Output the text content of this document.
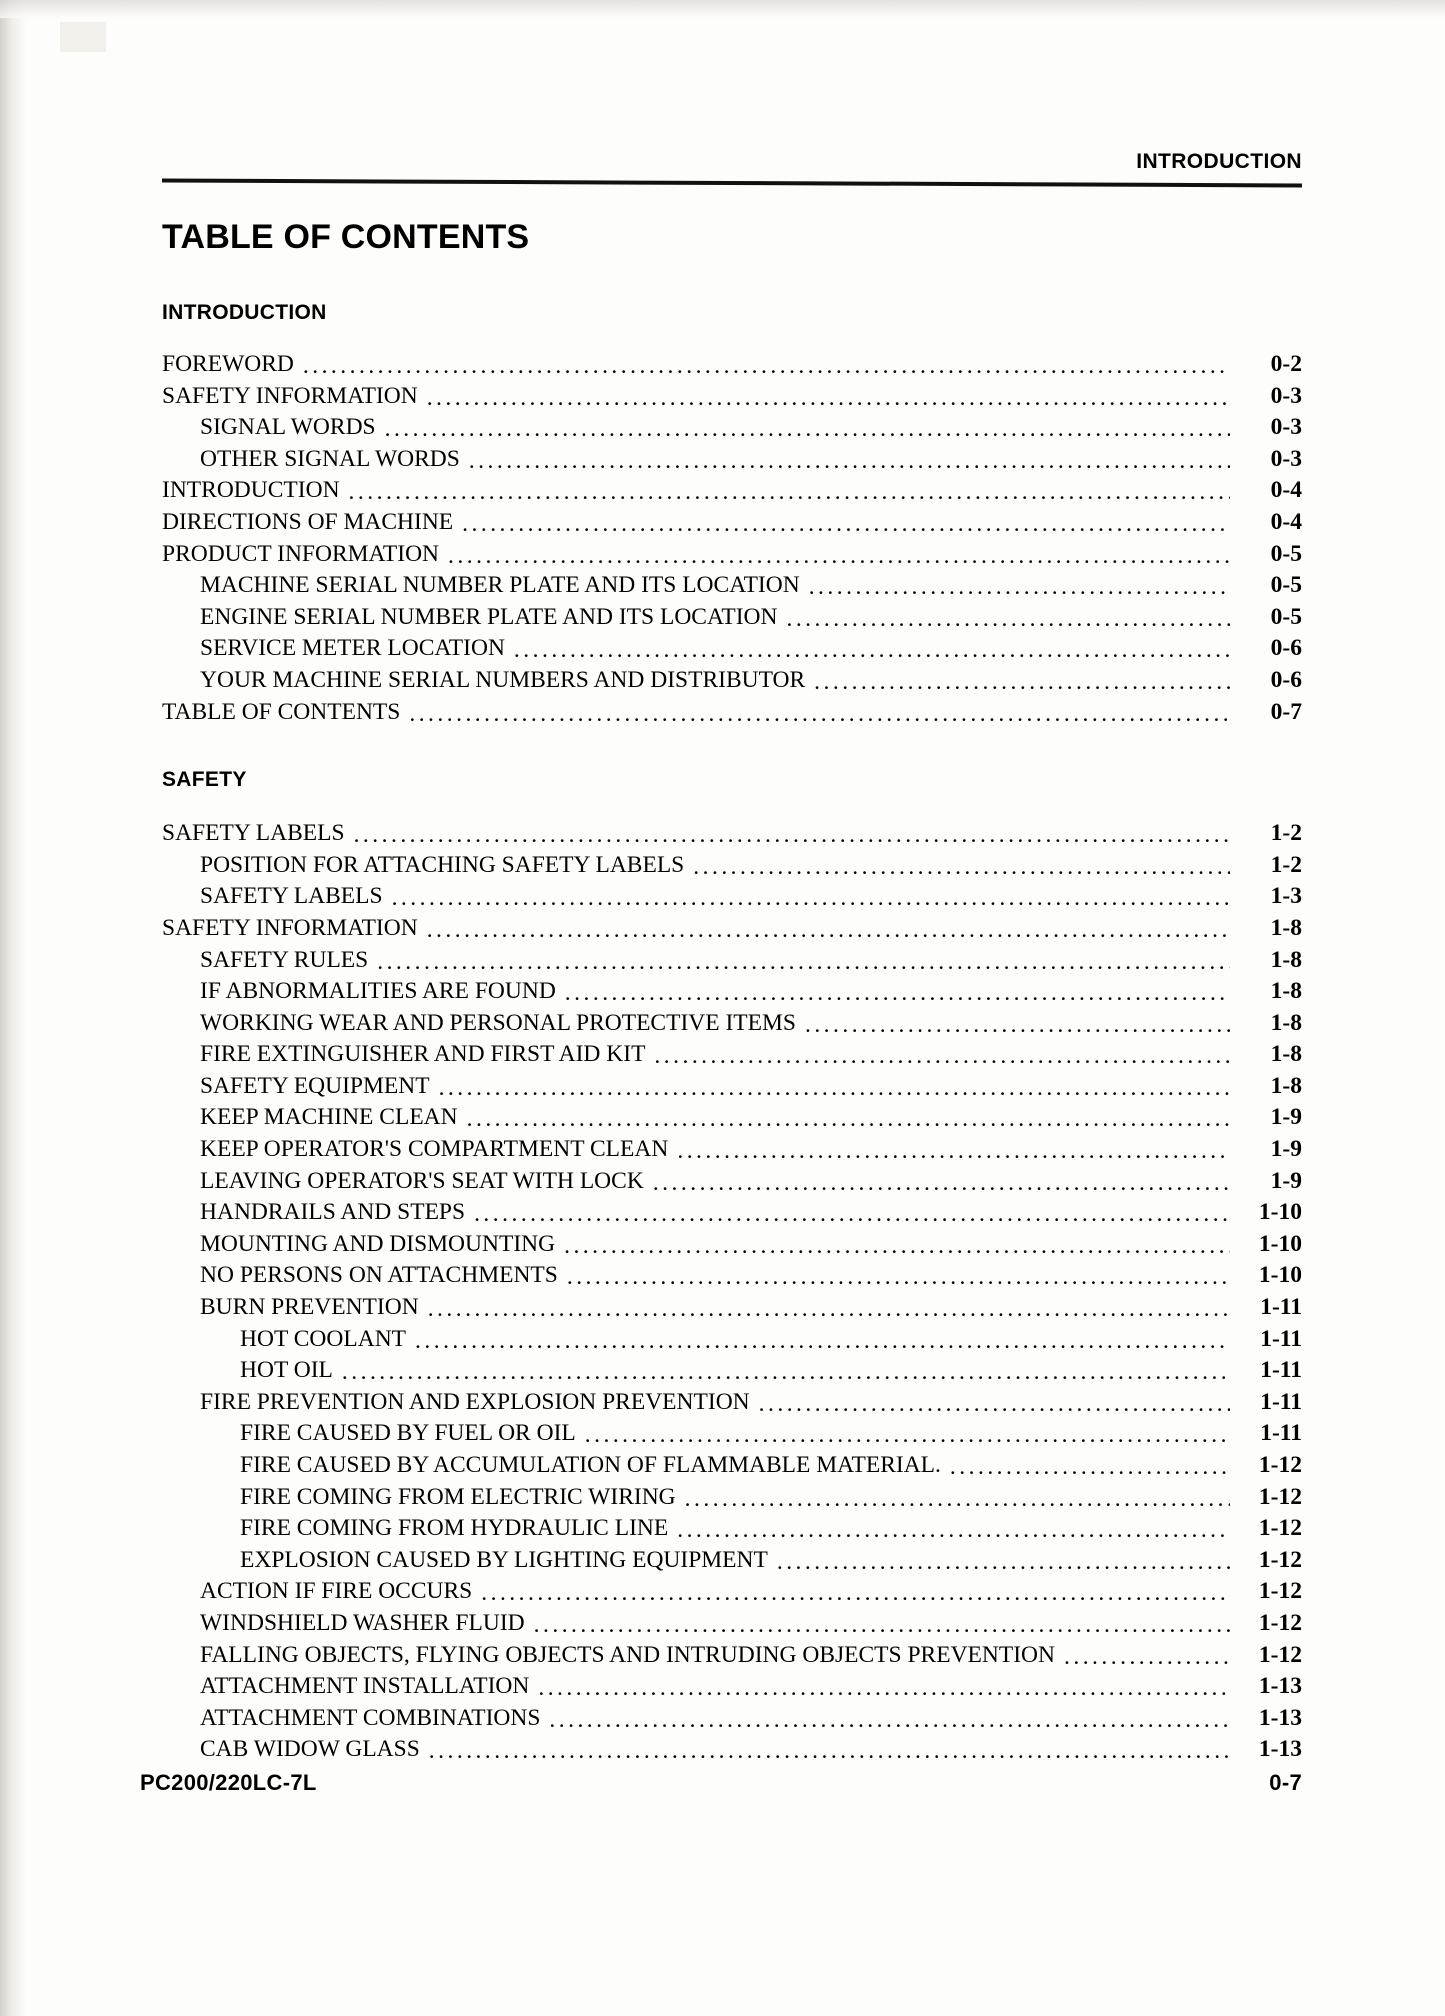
INTRODUCTION
TABLE OF CONTENTS
INTRODUCTION
FOREWORD . . .	0-2
SAFETY INFORMATION . . .	0-3
SIGNAL WORDS . . .	0-3
OTHER SIGNAL WORDS . . .	0-3
INTRODUCTION . . .	0-4
DIRECTIONS OF MACHINE . . .	0-4
PRODUCT INFORMATION . . .	0-5
MACHINE SERIAL NUMBER PLATE AND ITS LOCATION . . .	0-5
ENGINE SERIAL NUMBER PLATE AND ITS LOCATION . . .	0-5
SERVICE METER LOCATION . . .	0-6
YOUR MACHINE SERIAL NUMBERS AND DISTRIBUTOR . . .	0-6
TABLE OF CONTENTS . . .	0-7
SAFETY
SAFETY LABELS . . .	1-2
POSITION FOR ATTACHING SAFETY LABELS . . .	1-2
SAFETY LABELS . . .	1-3
SAFETY INFORMATION . . .	1-8
SAFETY RULES . . .	1-8
IF ABNORMALITIES ARE FOUND . . .	1-8
WORKING WEAR AND PERSONAL PROTECTIVE ITEMS . . .	1-8
FIRE EXTINGUISHER AND FIRST AID KIT . . .	1-8
SAFETY EQUIPMENT . . .	1-8
KEEP MACHINE CLEAN . . .	1-9
KEEP OPERATOR'S COMPARTMENT CLEAN . . .	1-9
LEAVING OPERATOR'S SEAT WITH LOCK . . .	1-9
HANDRAILS AND STEPS . . .	1-10
MOUNTING AND DISMOUNTING . . .	1-10
NO PERSONS ON ATTACHMENTS . . .	1-10
BURN PREVENTION . . .	1-11
HOT COOLANT . . .	1-11
HOT OIL . . .	1-11
FIRE PREVENTION AND EXPLOSION PREVENTION . . .	1-11
FIRE CAUSED BY FUEL OR OIL . . .	1-11
FIRE CAUSED BY ACCUMULATION OF FLAMMABLE MATERIAL. . . .	1-12
FIRE COMING FROM ELECTRIC WIRING . . .	1-12
FIRE COMING FROM HYDRAULIC LINE . . .	1-12
EXPLOSION CAUSED BY LIGHTING EQUIPMENT . . .	1-12
ACTION IF FIRE OCCURS . . .	1-12
WINDSHIELD WASHER FLUID . . .	1-12
FALLING OBJECTS, FLYING OBJECTS AND INTRUDING OBJECTS PREVENTION . . .	1-12
ATTACHMENT INSTALLATION . . .	1-13
ATTACHMENT COMBINATIONS . . .	1-13
CAB WIDOW GLASS . . .	1-13
PC200/220LC-7L	0-7
